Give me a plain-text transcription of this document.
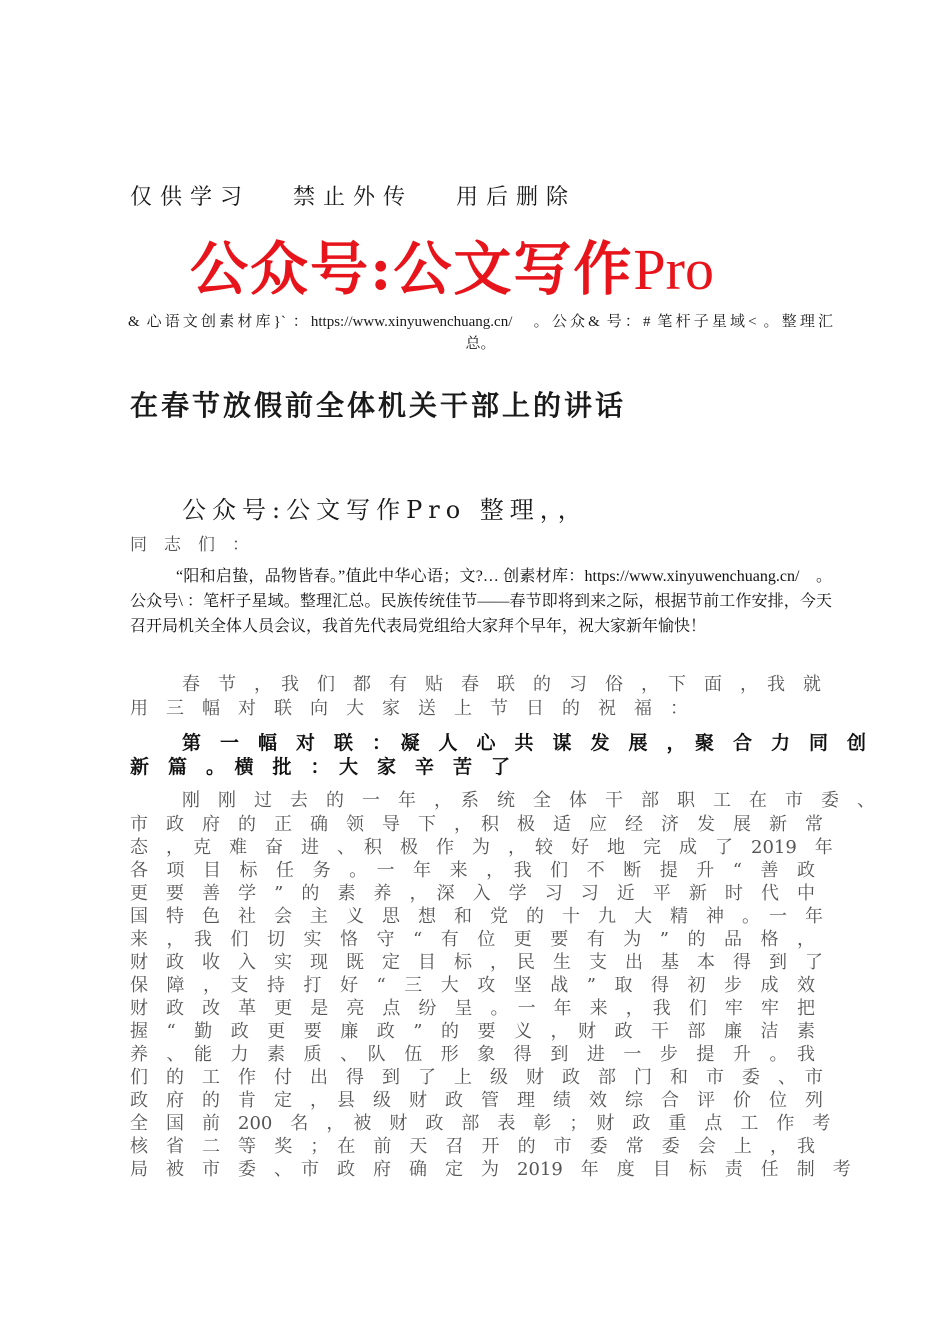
仅供学习 禁止外传 用后删除
公众号:公文写作Pro
& 心语文创素材库}` ：https://www.xinyuwenchuang.cn/　。公众& 号：# 笔杆子星域< 。整理汇
总。
在春节放假前全体机关干部上的讲话
公众号:公文写作Pro 整理，，
同　志　们　：
“阳和启蛰，品物皆春。”值此中华心语；文?… 创素材库：https://www.xinyuwenchuang.cn/　。公众号\ ：笔杆子星域。整理汇总。民族传统佳节——春节即将到来之际，根据节前工作安排，今天召开局机关全体人员会议，我首先代表局党组给大家拜个早年，祝大家新年愉快！
春　节　，　我　们　都　有　贴　春　联　的　习　俗　，　下　面　，　我　就
用　三　幅　对　联　向　大　家　送　上　节　日　的　祝　福　：
第　一　幅　对　联　：　凝　人　心　共　谋　发　展　，　聚　合　力　同　创
新　篇　。　横　批　：　大　家　辛　苦　了
刚　刚　过　去　的　一　年　，　系　统　全　体　干　部　职　工　在　市　委　、
市　政　府　的　正　确　领　导　下　，　积　极　适　应　经　济　发　展　新　常
态　，　克　难　奋　进　、　积　极　作　为　，　较　好　地　完　成　了　2019　年
各　项　目　标　任　务　。　一　年　来　，　我　们　不　断　提　升　“　善　政
更　要　善　学　”　的　素　养　，　深　入　学　习　习　近　平　新　时　代　中
国　特　色　社　会　主　义　思　想　和　党　的　十　九　大　精　神　。　一　年
来　，　我　们　切　实　恪　守　“　有　位　更　要　有　为　”　的　品　格　，
财　政　收　入　实　现　既　定　目　标　，　民　生　支　出　基　本　得　到　了
保　障　，　支　持　打　好　“　三　大　攻　坚　战　”　取　得　初　步　成　效
财　政　改　革　更　是　亮　点　纷　呈　。　一　年　来　，　我　们　牢　牢　把
握　“　勤　政　更　要　廉　政　”　的　要　义　，　财　政　干　部　廉　洁　素
养　、　能　力　素　质　、　队　伍　形　象　得　到　进　一　步　提　升　。　我
们　的　工　作　付　出　得　到　了　上　级　财　政　部　门　和　市　委　、　市
政　府　的　肯　定　，　县　级　财　政　管　理　绩　效　综　合　评　价　位　列
全　国　前　200　名　，　被　财　政　部　表　彰　；　财　政　重　点　工　作　考
核　省　二　等　奖　；　在　前　天　召　开　的　市　委　常　委　会　上　，　我
局　被　市　委　、　市　政　府　确　定　为　2019　年　度　目　标　责　任　制　考
